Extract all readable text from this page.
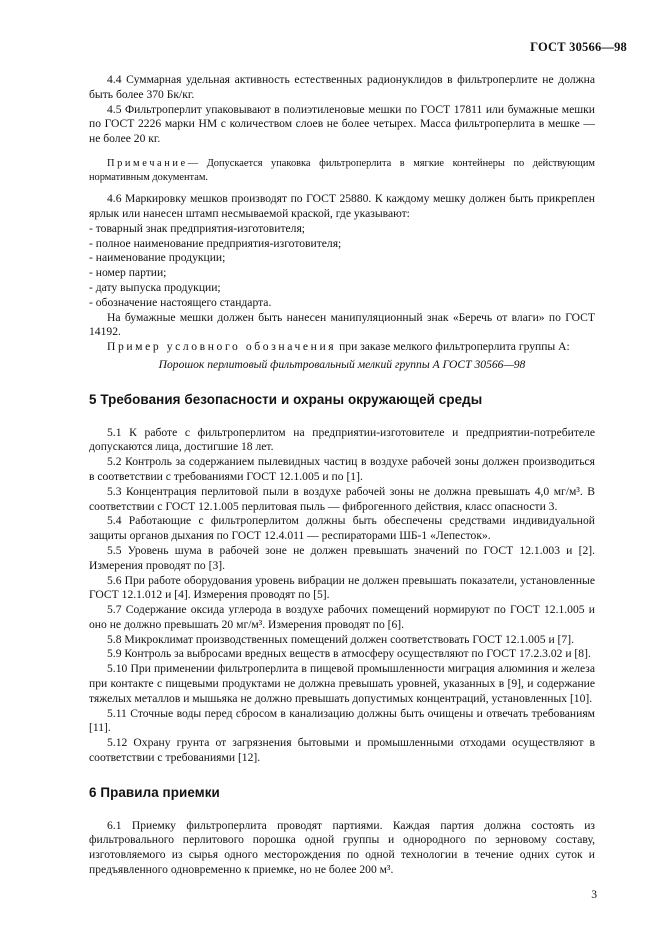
ГОСТ 30566—98

4.4 Суммарная удельная активность естественных радионуклидов в фильтроперлите не должна быть более 370 Бк/кг.

4.5 Фильтроперлит упаковывают в полиэтиленовые мешки по ГОСТ 17811 или бумажные мешки по ГОСТ 2226 марки НМ с количеством слоев не более четырех. Масса фильтроперлита в мешке — не более 20 кг.

Примечание— Допускается упаковка фильтроперлита в мягкие контейнеры по действующим нормативным документам.

4.6 Маркировку мешков производят по ГОСТ 25880. К каждому мешку должен быть прикреплен ярлык или нанесен штамп несмываемой краской, где указывают:

- товарный знак предприятия-изготовителя;
- полное наименование предприятия-изготовителя;
- наименование продукции;
- номер партии;
- дату выпуска продукции;
- обозначение настоящего стандарта.

На бумажные мешки должен быть нанесен манипуляционный знак «Беречь от влаги» по ГОСТ 14192.

Пример условного обозначения при заказе мелкого фильтроперлита группы А:

Порошок перлитовый фильтровальный мелкий группы А ГОСТ 30566—98

5 Требования безопасности и охраны окружающей среды

5.1 К работе с фильтроперлитом на предприятии-изготовителе и предприятии-потребителе допускаются лица, достигшие 18 лет.

5.2 Контроль за содержанием пылевидных частиц в воздухе рабочей зоны должен производиться в соответствии с требованиями ГОСТ 12.1.005 и по [1].

5.3 Концентрация перлитовой пыли в воздухе рабочей зоны не должна превышать 4,0 мг/м³. В соответствии с ГОСТ 12.1.005 перлитовая пыль — фиброгенного действия, класс опасности 3.

5.4 Работающие с фильтроперлитом должны быть обеспечены средствами индивидуальной защиты органов дыхания по ГОСТ 12.4.011 — респираторами ШБ-1 «Лепесток».

5.5 Уровень шума в рабочей зоне не должен превышать значений по ГОСТ 12.1.003 и [2]. Измерения проводят по [3].

5.6 При работе оборудования уровень вибрации не должен превышать показатели, установленные ГОСТ 12.1.012 и [4]. Измерения проводят по [5].

5.7 Содержание оксида углерода в воздухе рабочих помещений нормируют по ГОСТ 12.1.005 и оно не должно превышать 20 мг/м³. Измерения проводят по [6].

5.8 Микроклимат производственных помещений должен соответствовать ГОСТ 12.1.005 и [7].

5.9 Контроль за выбросами вредных веществ в атмосферу осуществляют по ГОСТ 17.2.3.02 и [8].

5.10 При применении фильтроперлита в пищевой промышленности миграция алюминия и железа при контакте с пищевыми продуктами не должна превышать уровней, указанных в [9], и содержание тяжелых металлов и мышьяка не должно превышать допустимых концентраций, установленных [10].

5.11 Сточные воды перед сбросом в канализацию должны быть очищены и отвечать требованиям [11].

5.12 Охрану грунта от загрязнения бытовыми и промышленными отходами осуществляют в соответствии с требованиями [12].

6 Правила приемки

6.1 Приемку фильтроперлита проводят партиями. Каждая партия должна состоять из фильтровального перлитового порошка одной группы и однородного по зерновому составу, изготовляемого из сырья одного месторождения по одной технологии в течение одних суток и предъявленного одновременно к приемке, но не более 200 м³.

3
